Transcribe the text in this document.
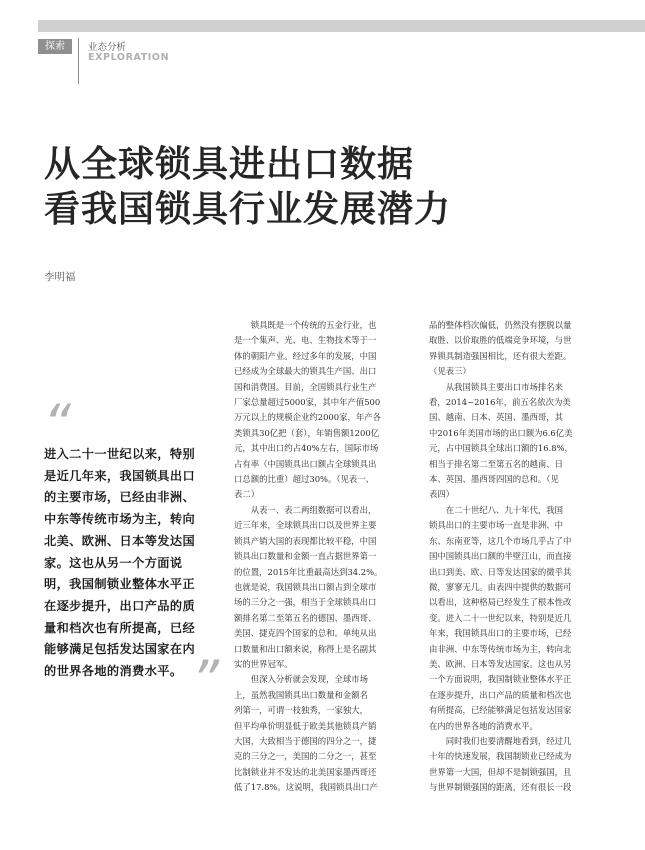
探索	业态分析
EXPLORATION
从全球锁具进出口数据
看我国锁具行业发展潜力
李明福
“
进入二十一世纪以来，特别
是近几年来，我国锁具出口
的主要市场，已经由非洲、
中东等传统市场为主，转向
北美、欧洲、日本等发达国
家。这也从另一个方面说
明，我国制锁业整体水平正
在逐步提升，出口产品的质
量和档次也有所提高，已经
能够满足包括发达国家在内
的世界各地的消费水平。 ”
　　锁具既是一个传统的五金行业，也
是一个集声、光、电、生物技术等于一
体的朝阳产业。经过多年的发展，中国
已经成为全球最大的锁具生产国、出口
国和消费国。目前，全国锁具行业生产
厂家总量超过5000家，其中年产值500
万元以上的规模企业约2000家，年产各
类锁具30亿把（套），年销售额1200亿
元，其中出口约占40%左右，国际市场
占有率（中国锁具出口额占全球锁具出
口总额的比重）超过30%。（见表一、
表二）
　　从表一、表二两组数据可以看出，
近三年来，全球锁具出口以及世界主要
锁具产销大国的表现都比较平稳，中国
锁具出口数量和金额一直占据世界第一
的位置，2015年比重最高达到34.2%。
也就是说，我国锁具出口额占到全球市
场的三分之一强，相当于全球锁具出口
额排名第二至第五名的德国、墨西哥、
美国、捷克四个国家的总和。单纯从出
口数量和出口额来说，称得上是名副其
实的世界冠军。
　　但深入分析就会发现，全球市场
上，虽然我国锁具出口数量和金额名
列第一，可谓一枝独秀，一家独大，
但平均单价明显低于欧美其他锁具产销
大国，大致相当于德国的四分之一，捷
克的三分之一，美国的二分之一，甚至
比制锁业并不发达的北美国家墨西哥还
低了17.8%。这说明，我国锁具出口产
品的整体档次偏低，仍然没有摆脱以量
取胜、以价取胜的低端竞争环境，与世
界锁具制造强国相比，还有很大差距。
（见表三）
　　从我国锁具主要出口市场排名来
看，2014~2016年，前五名依次为美
国、越南、日本、英国、墨西哥，其
中2016年美国市场的出口额为6.6亿美
元，占中国锁具全球出口额的16.8%，
相当于排名第二至第五名的越南、日
本、英国、墨西哥四国的总和。（见
表四）
　　在二十世纪八、九十年代，我国
锁具出口的主要市场一直是非洲、中
东、东南亚等，这几个市场几乎占了中
国中国锁具出口额的半壁江山，而直接
出口到美、欧、日等发达国家的微乎其
微，寥寥无几。由表四中提供的数据可
以看出，这种格局已经发生了根本性改
变。进入二十一世纪以来，特别是近几
年来，我国锁具出口的主要市场，已经
由非洲、中东等传统市场为主，转向北
美、欧洲、日本等发达国家。这也从另
一个方面说明，我国制锁业整体水平正
在逐步提升，出口产品的质量和档次也
有所提高，已经能够满足包括发达国家
在内的世界各地的消费水平。
　　同时我们也要清醒地看到，经过几
十年的快速发展，我国制锁业已经成为
世界第一大国，但却不是制锁强国，且
与世界制锁强国的距离，还有很长一段
